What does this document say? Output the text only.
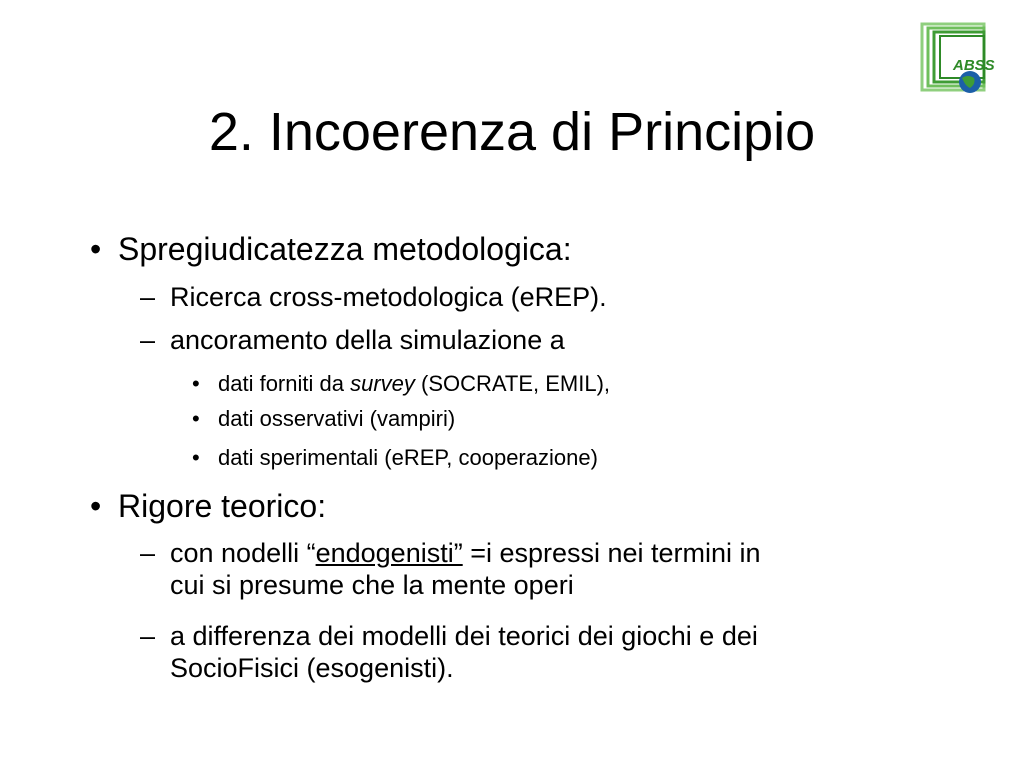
ABSS
2. Incoerenza di Principio
• Spregiudicatezza metodologica:
– Ricerca cross-metodologica (eREP).
– ancoramento della simulazione a
• dati forniti da survey (SOCRATE, EMIL),
• dati osservativi (vampiri)
• dati sperimentali (eREP, cooperazione)
• Rigore teorico:
– con nodelli “endogenisti” =i espressi nei termini in
cui si presume che la mente operi
– a differenza dei modelli dei teorici dei giochi e dei
SocioFisici (esogenisti).
